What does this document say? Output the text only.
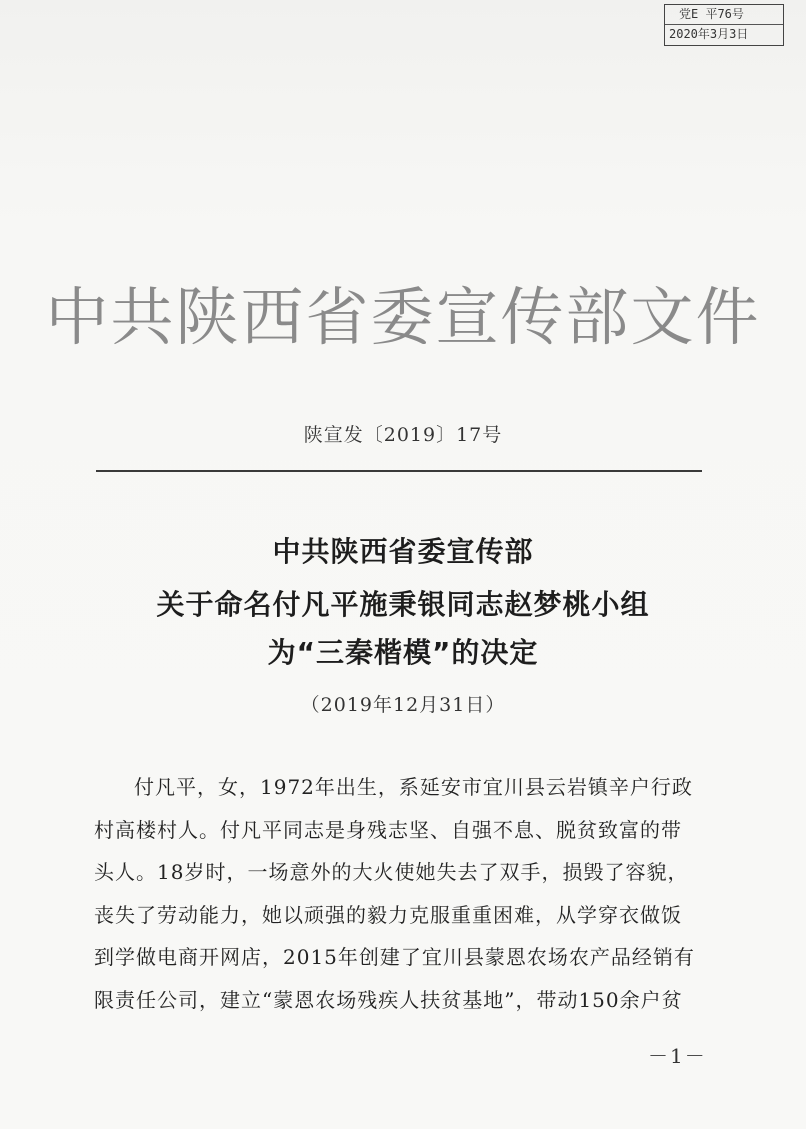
党E 平76号
2020年3月3日
中共陕西省委宣传部文件
陕宣发〔2019〕17号
中共陕西省委宣传部
关于命名付凡平施秉银同志赵梦桃小组
为“三秦楷模”的决定
（2019年12月31日）
付凡平，女，1972年出生，系延安市宜川县云岩镇辛户行政
村高楼村人。付凡平同志是身残志坚、自强不息、脱贫致富的带
头人。18岁时，一场意外的大火使她失去了双手，损毁了容貌，
丧失了劳动能力，她以顽强的毅力克服重重困难，从学穿衣做饭
到学做电商开网店，2015年创建了宜川县蒙恩农场农产品经销有
限责任公司，建立“蒙恩农场残疾人扶贫基地”，带动150余户贫
－1－
